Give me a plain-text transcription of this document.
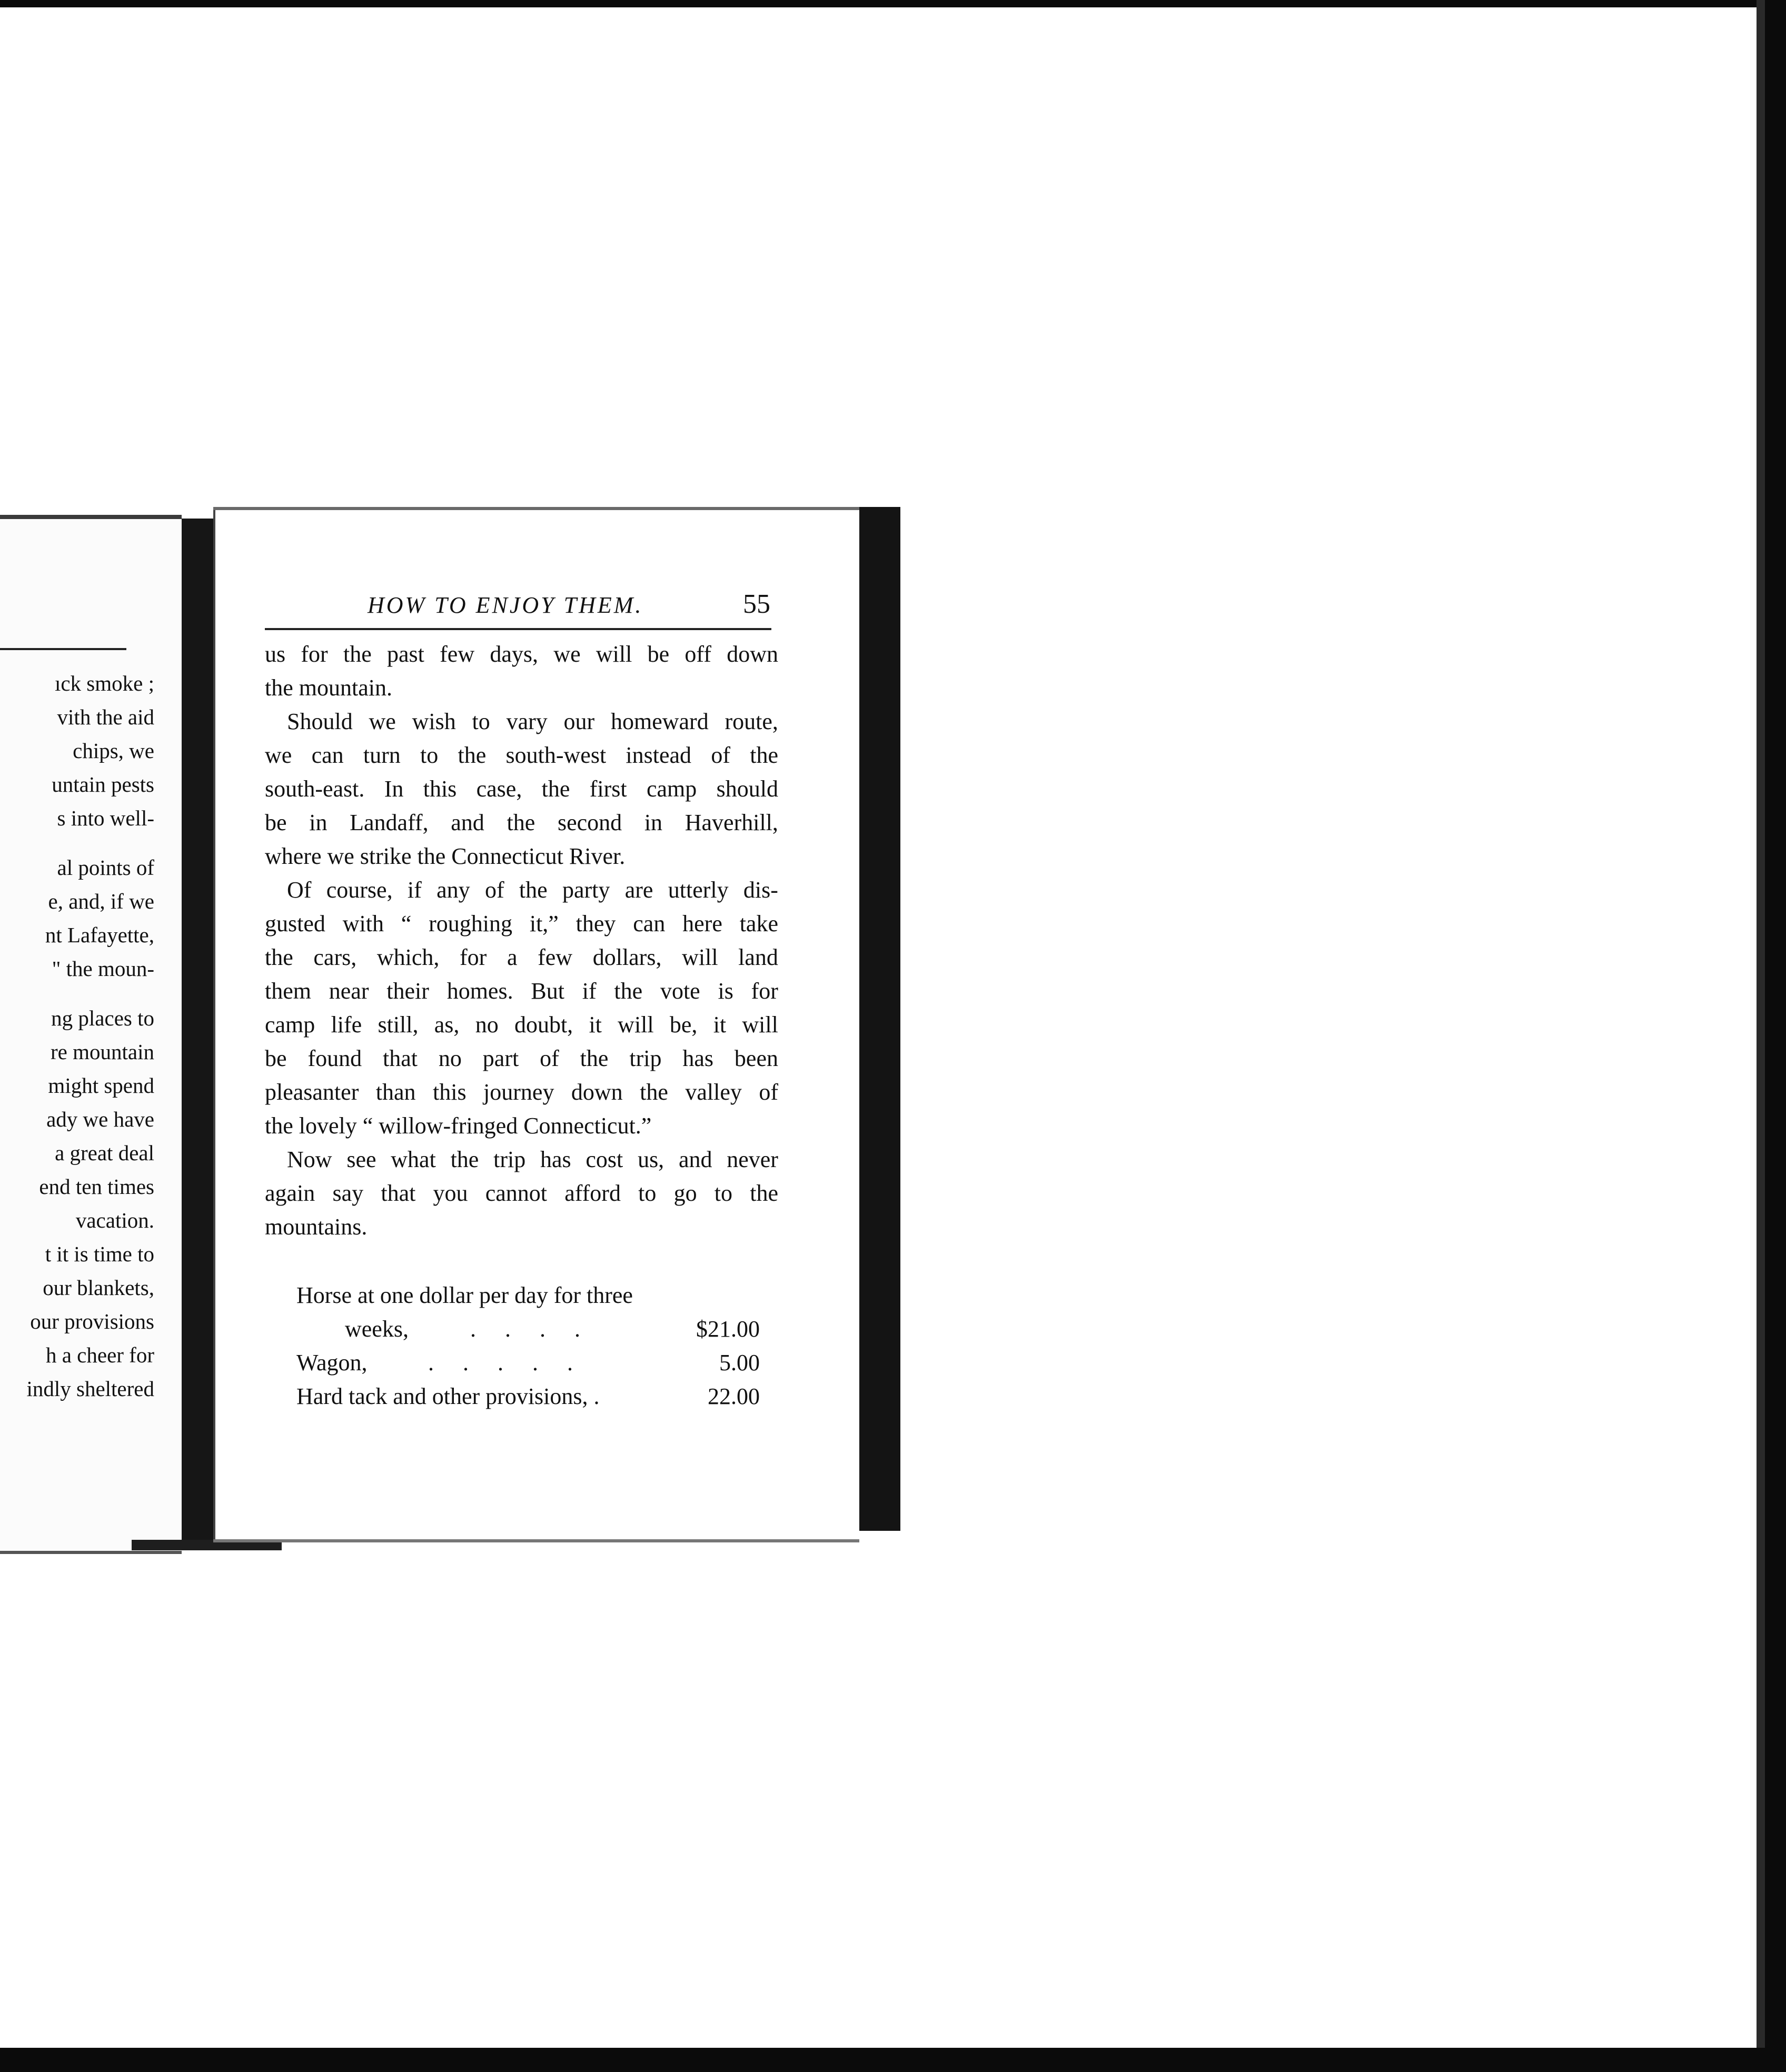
ıck smoke ;
vith the aid
chips, we
untain pests
s into well-
al points of
e, and, if we
nt Lafayette,
" the moun-
ng places to
re mountain
might spend
ady we have
a great deal
end ten times
vacation.
t it is time to
our blankets,
our provisions
h a cheer for
indly sheltered
HOW TO ENJOY THEM.	55
us for the past few days, we will be off down
the mountain.
Should we wish to vary our homeward route,
we can turn to the south-west instead of the
south-east. In this case, the first camp should
be in Landaff, and the second in Haverhill,
where we strike the Connecticut River.
Of course, if any of the party are utterly dis-
gusted with “ roughing it,” they can here take
the cars, which, for a few dollars, will land
them near their homes. But if the vote is for
camp life still, as, no doubt, it will be, it will
be found that no part of the trip has been
pleasanter than this journey down the valley of
the lovely “ willow-fringed Connecticut.”
Now see what the trip has cost us, and never
again say that you cannot afford to go to the
mountains.
Horse at one dollar per day for three
weeks,	.     .     .     .	$21.00
Wagon,	.     .     .     .     .	5.00
Hard tack and other provisions, .	22.00
